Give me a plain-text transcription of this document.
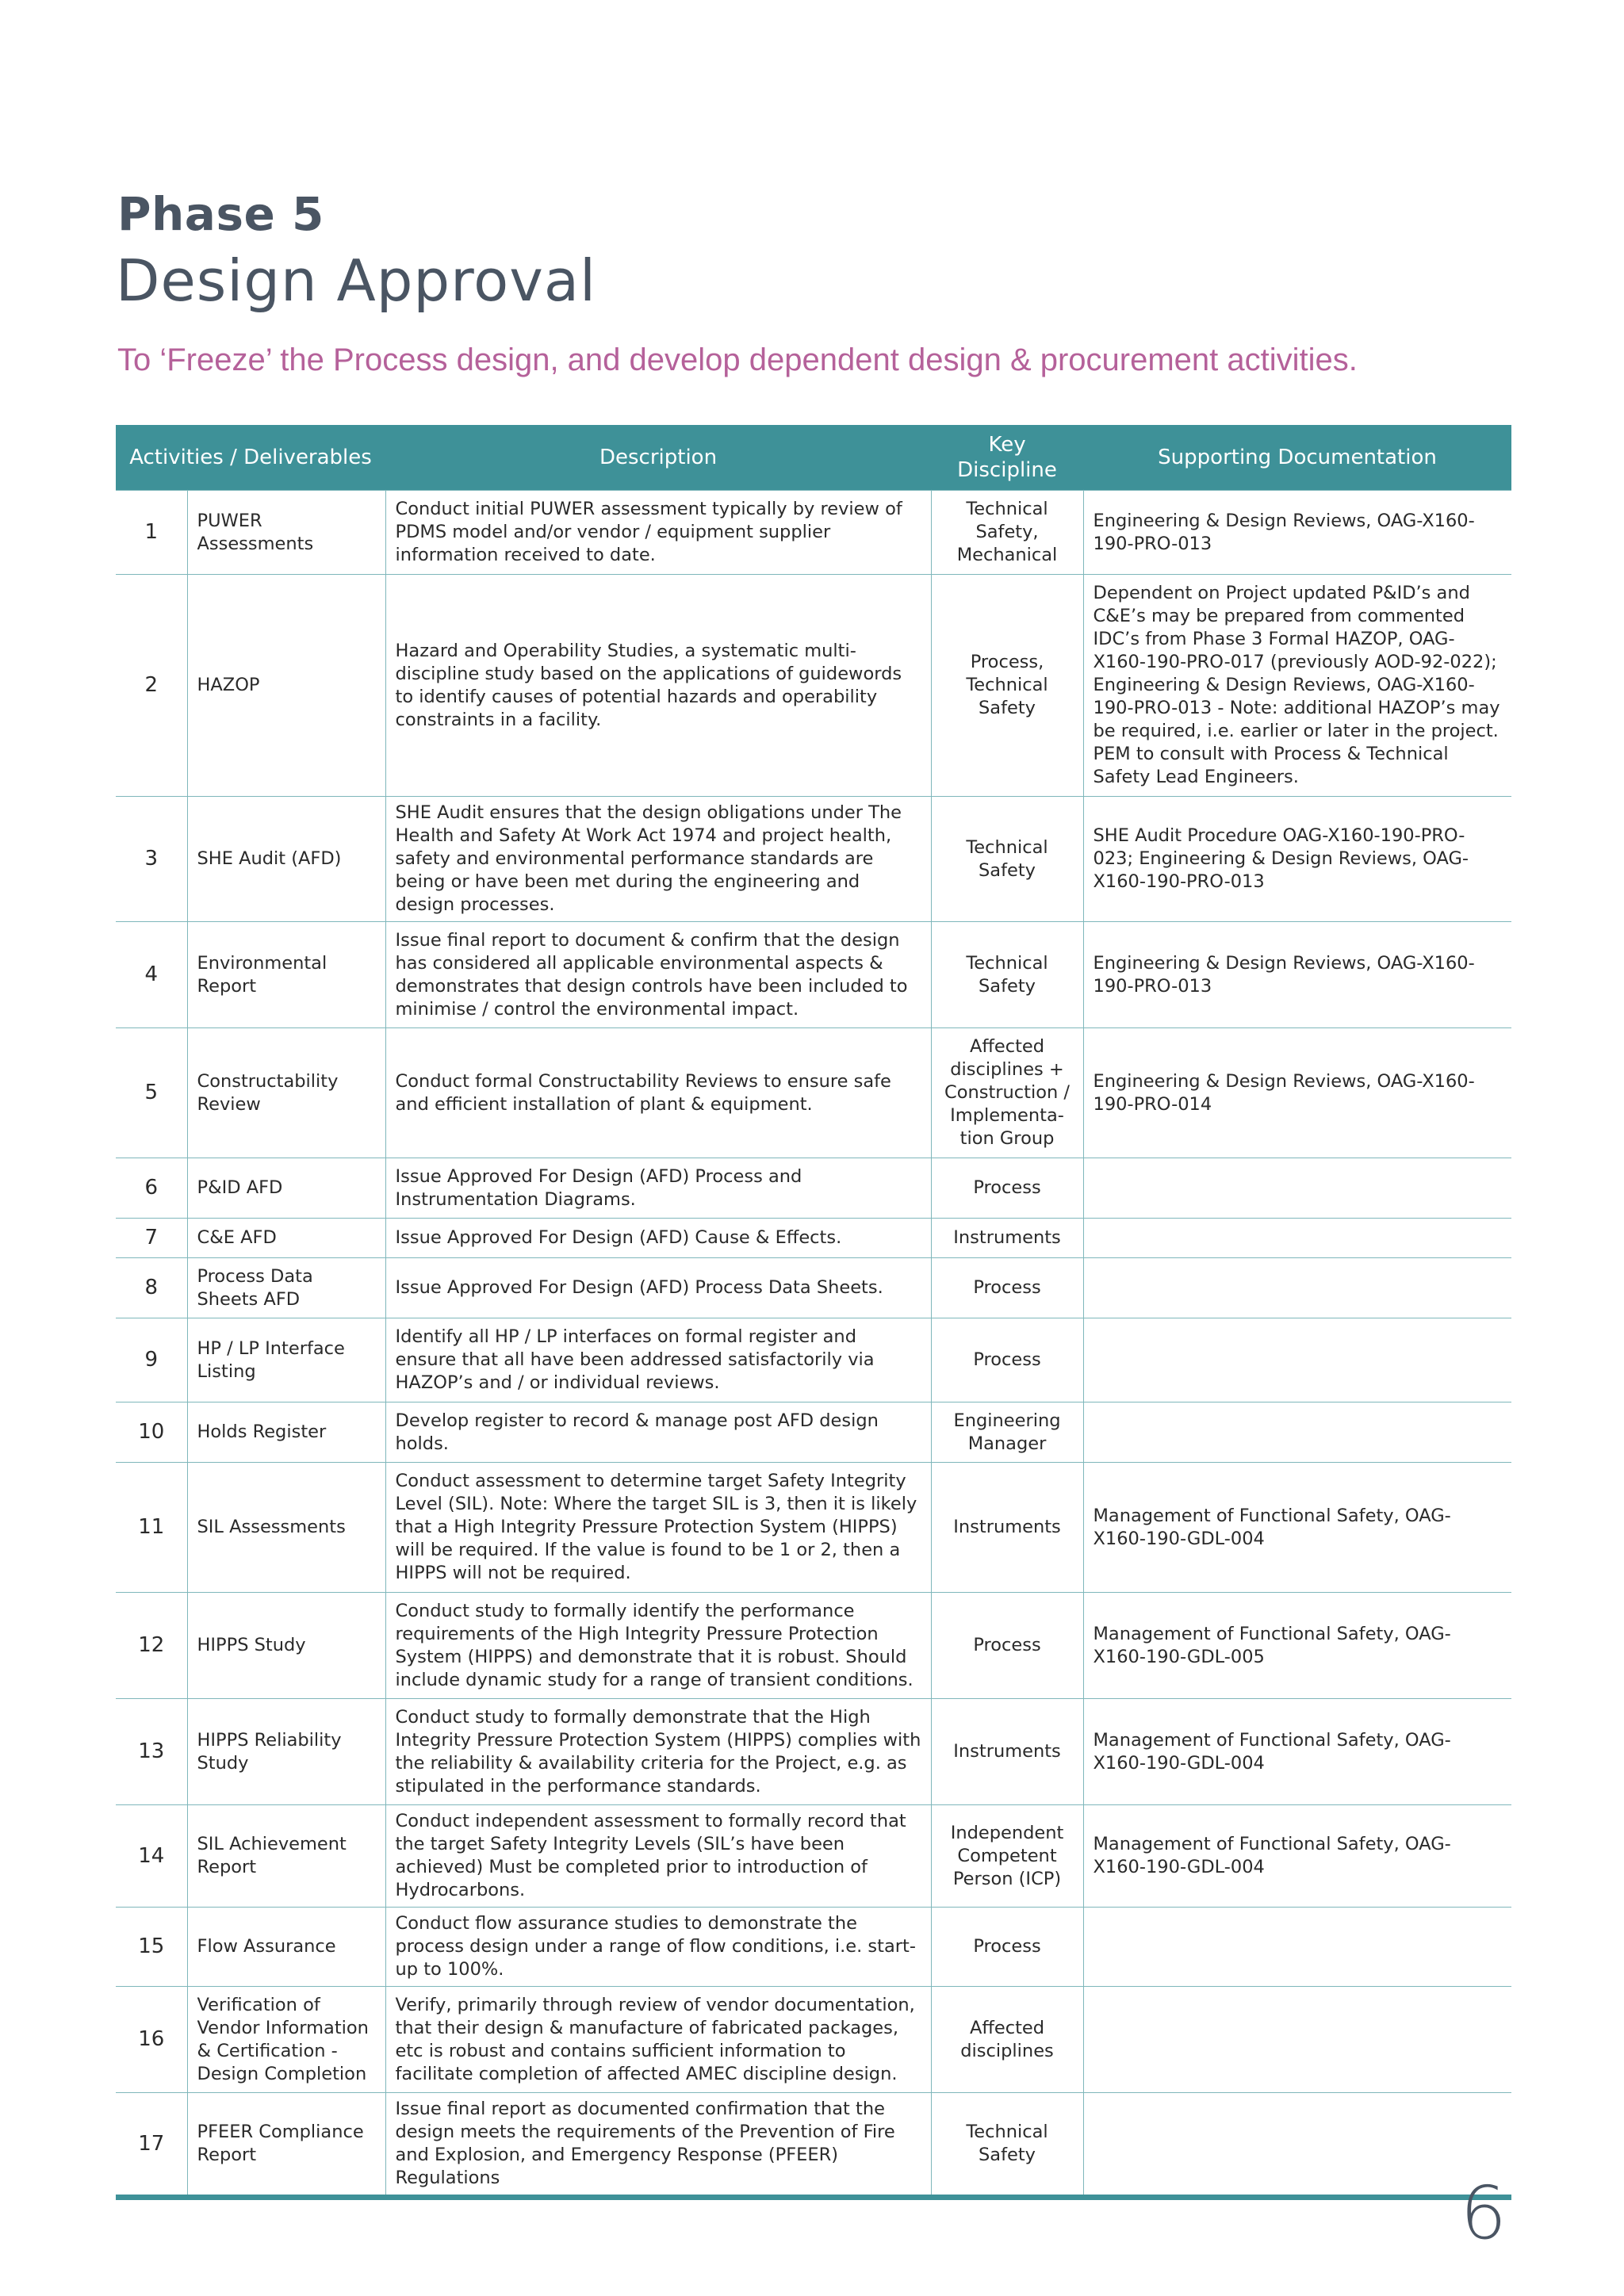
Phase 5
Design Approval
To ‘Freeze’ the Process design, and develop dependent design & procurement activities.
Activities / Deliverables		Description	Key Discipline	Supporting Documentation
1	PUWER Assessments	Conduct initial PUWER assessment typically by review of PDMS model and/or vendor / equipment supplier information received to date.	Technical Safety, Mechanical	Engineering & Design Reviews, OAG-X160-190-PRO-013
2	HAZOP	Hazard and Operability Studies, a systematic multi-discipline study based on the applications of guidewords to identify causes of potential hazards and operability constraints in a facility.	Process, Technical Safety	Dependent on Project updated P&ID’s and C&E’s may be prepared from commented IDC’s from Phase 3 Formal HAZOP, OAG-X160-190-PRO-017 (previously AOD-92-022); Engineering & Design Reviews, OAG-X160-190-PRO-013 - Note: additional HAZOP’s may be required, i.e. earlier or later in the project. PEM to consult with Process & Technical Safety Lead Engineers.
3	SHE Audit (AFD)	SHE Audit ensures that the design obligations under The Health and Safety At Work Act 1974 and project health, safety and environmental performance standards are being or have been met during the engineering and design processes.	Technical Safety	SHE Audit Procedure OAG-X160-190-PRO-023; Engineering & Design Reviews, OAG-X160-190-PRO-013
4	Environmental Report	Issue final report to document & confirm that the design has considered all applicable environmental aspects & demonstrates that design controls have been included to minimise / control the environmental impact.	Technical Safety	Engineering & Design Reviews, OAG-X160-190-PRO-013
5	Constructability Review	Conduct formal Constructability Reviews to ensure safe and efficient installation of plant & equipment.	Affected disciplines + Construction / Implementa-tion Group	Engineering & Design Reviews, OAG-X160-190-PRO-014
6	P&ID AFD	Issue Approved For Design (AFD) Process and Instrumentation Diagrams.	Process	
7	C&E AFD	Issue Approved For Design (AFD) Cause & Effects.	Instruments	
8	Process Data Sheets AFD	Issue Approved For Design (AFD) Process Data Sheets.	Process	
9	HP / LP Interface Listing	Identify all HP / LP interfaces on formal register and ensure that all have been addressed satisfactorily via HAZOP’s and / or individual reviews.	Process	
10	Holds Register	Develop register to record & manage post AFD design holds.	Engineering Manager	
11	SIL Assessments	Conduct assessment to determine target Safety Integrity Level (SIL). Note: Where the target SIL is 3, then it is likely that a High Integrity Pressure Protection System (HIPPS) will be required. If the value is found to be 1 or 2, then a HIPPS will not be required.	Instruments	Management of Functional Safety, OAG-X160-190-GDL-004
12	HIPPS Study	Conduct study to formally identify the performance requirements of the High Integrity Pressure Protection System (HIPPS) and demonstrate that it is robust. Should include dynamic study for a range of transient conditions.	Process	Management of Functional Safety, OAG-X160-190-GDL-005
13	HIPPS Reliability Study	Conduct study to formally demonstrate that the High Integrity Pressure Protection System (HIPPS) complies with the reliability & availability criteria for the Project, e.g. as stipulated in the performance standards.	Instruments	Management of Functional Safety, OAG-X160-190-GDL-004
14	SIL Achievement Report	Conduct independent assessment to formally record that the target Safety Integrity Levels (SIL’s have been achieved) Must be completed prior to introduction of Hydrocarbons.	Independent Competent Person (ICP)	Management of Functional Safety, OAG-X160-190-GDL-004
15	Flow Assurance	Conduct flow assurance studies to demonstrate the process design under a range of flow conditions, i.e. start-up to 100%.	Process	
16	Verification of Vendor Information & Certification - Design Completion	Verify, primarily through review of vendor documentation, that their design & manufacture of fabricated packages, etc is robust and contains sufficient information to facilitate completion of affected AMEC discipline design.	Affected disciplines	
17	PFEER Compliance Report	Issue final report as documented confirmation that the design meets the requirements of the Prevention of Fire and Explosion, and Emergency Response (PFEER) Regulations	Technical Safety	
6
